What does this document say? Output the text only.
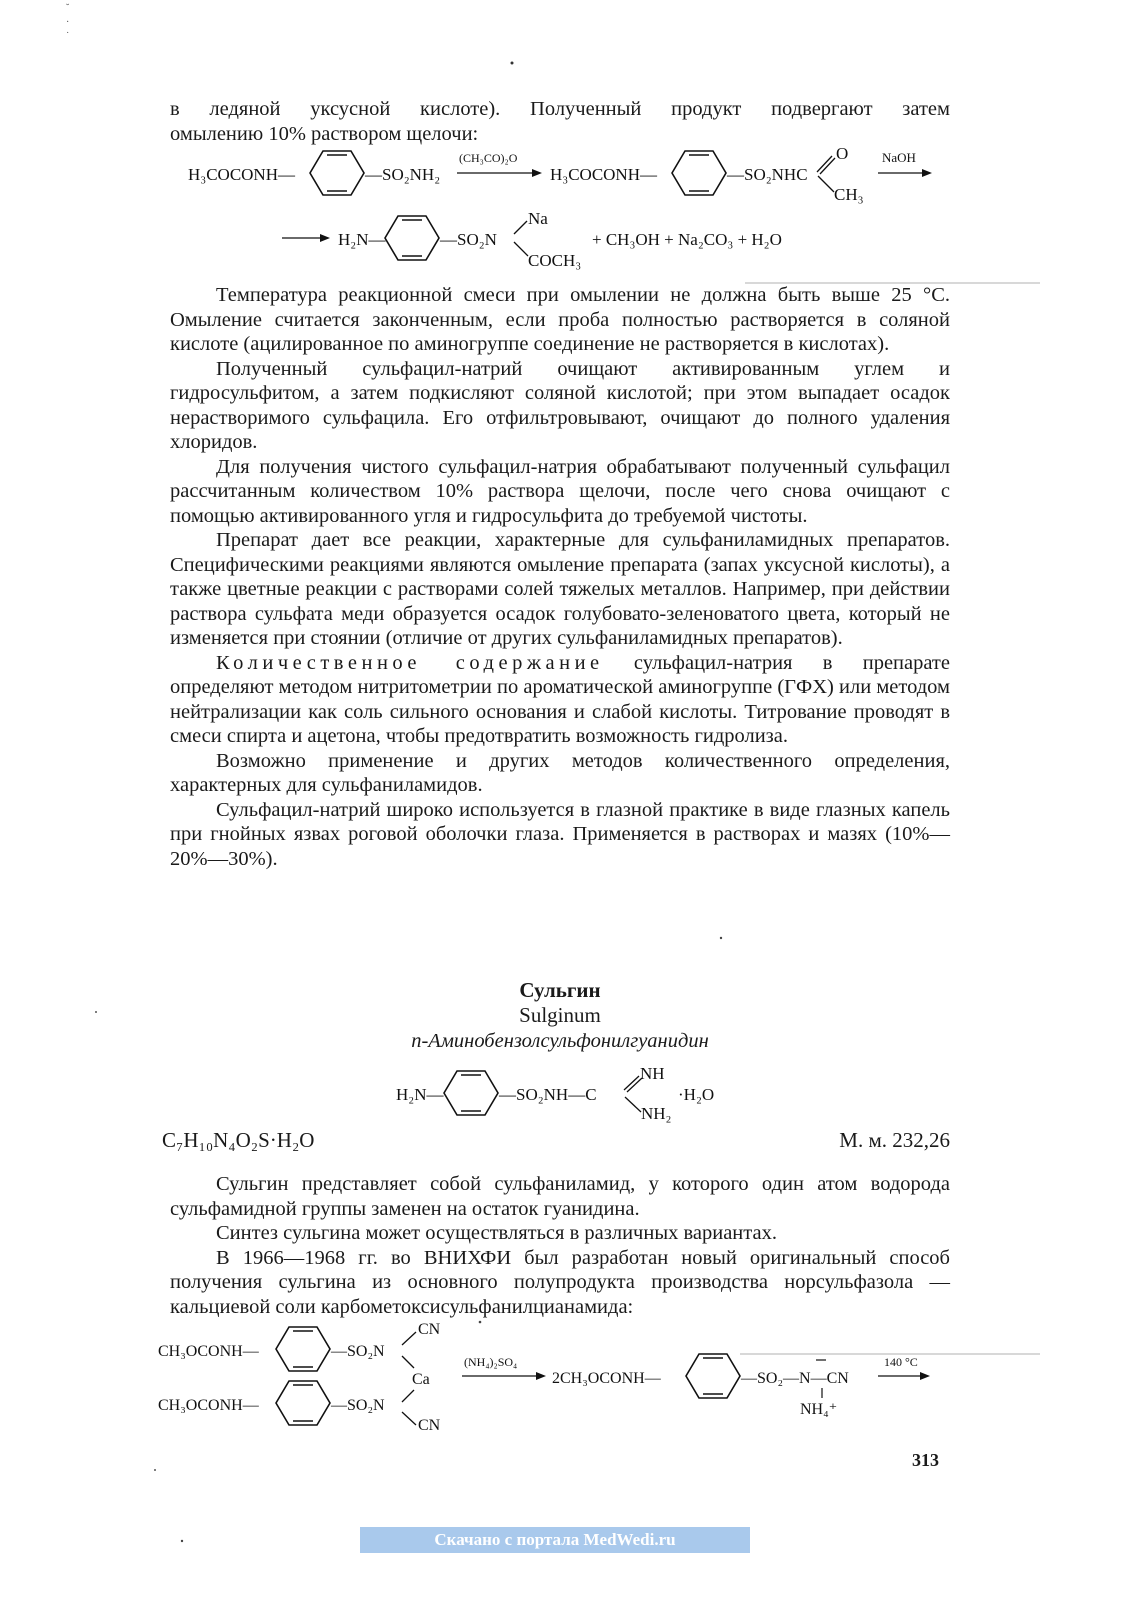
˘
·
˙

в ледяной уксусной кислоте). Полученный продукт подвергают затем

омылению 10% раствором щелочи:

H₃COCONH—	—SO₂NH₂
(CH₃CO)₂O
H₃COCONH—	—SO₂NHC
O
CH₃
NaOH
H₂N—	—SO₂N
Na
COCH₃
+ CH₃OH + Na₂CO₃ + H₂O

Температура реакционной смеси при омылении не должна быть выше 25 °С. Омыление считается законченным, если проба полностью растворяется в соляной кислоте (ацилированное по аминогруппе соединение не растворяется в кислотах).

Полученный сульфацил-натрий очищают активированным углем и гидросульфитом, а затем подкисляют соляной кислотой; при этом выпадает осадок нерастворимого сульфацила. Его отфильтровывают, очищают до полного удаления хлоридов.

Для получения чистого сульфацил-натрия обрабатывают полученный сульфацил рассчитанным количеством 10% раствора щелочи, после чего снова очищают с помощью активированного угля и гидросульфита до требуемой чистоты.

Препарат дает все реакции, характерные для сульфаниламидных препаратов. Специфическими реакциями являются омыление препарата (запах уксусной кислоты), а также цветные реакции с растворами солей тяжелых металлов. Например, при действии раствора сульфата меди образуется осадок голубовато-зеленоватого цвета, который не изменяется при стоянии (отличие от других сульфаниламидных препаратов).

Количественное содержание сульфацил-натрия в препарате определяют методом нитритометрии по ароматической аминогруппе (ГФХ) или методом нейтрализации как соль сильного основания и слабой кислоты. Титрование проводят в смеси спирта и ацетона, чтобы предотвратить возможность гидролиза.

Возможно применение и других методов количественного определения, характерных для сульфаниламидов.

Сульфацил-натрий широко используется в глазной практике в виде глазных капель при гнойных язвах роговой оболочки глаза. Применяется в растворах и мазях (10%—20%—30%).

Сульгин
Sulginum
n-Аминобензолсульфонилгуанидин
H₂N—	—SO₂NH—C
NH
NH₂
·H₂O
C₇H₁₀N₄O₂S·H₂O	М. м. 232,26

Сульгин представляет собой сульфаниламид, у которого один атом водорода сульфамидной группы заменен на остаток гуанидина.

Синтез сульгина может осуществляться в различных вариантах.

В 1966—1968 гг. во ВНИХФИ был разработан новый оригинальный способ получения сульгина из основного полупродукта производства норсульфазола — кальциевой соли карбометоксисульфанилцианамида:

CH₃OCONH—	—SO₂N
CN
Ca
CH₃OCONH—	—SO₂N
CN
(NH₄)₂SO₄
2CH₃OCONH—	—SO₂—N—CN
NH₄⁺
140 °C
313
Скачано с портала MedWedi.ru
